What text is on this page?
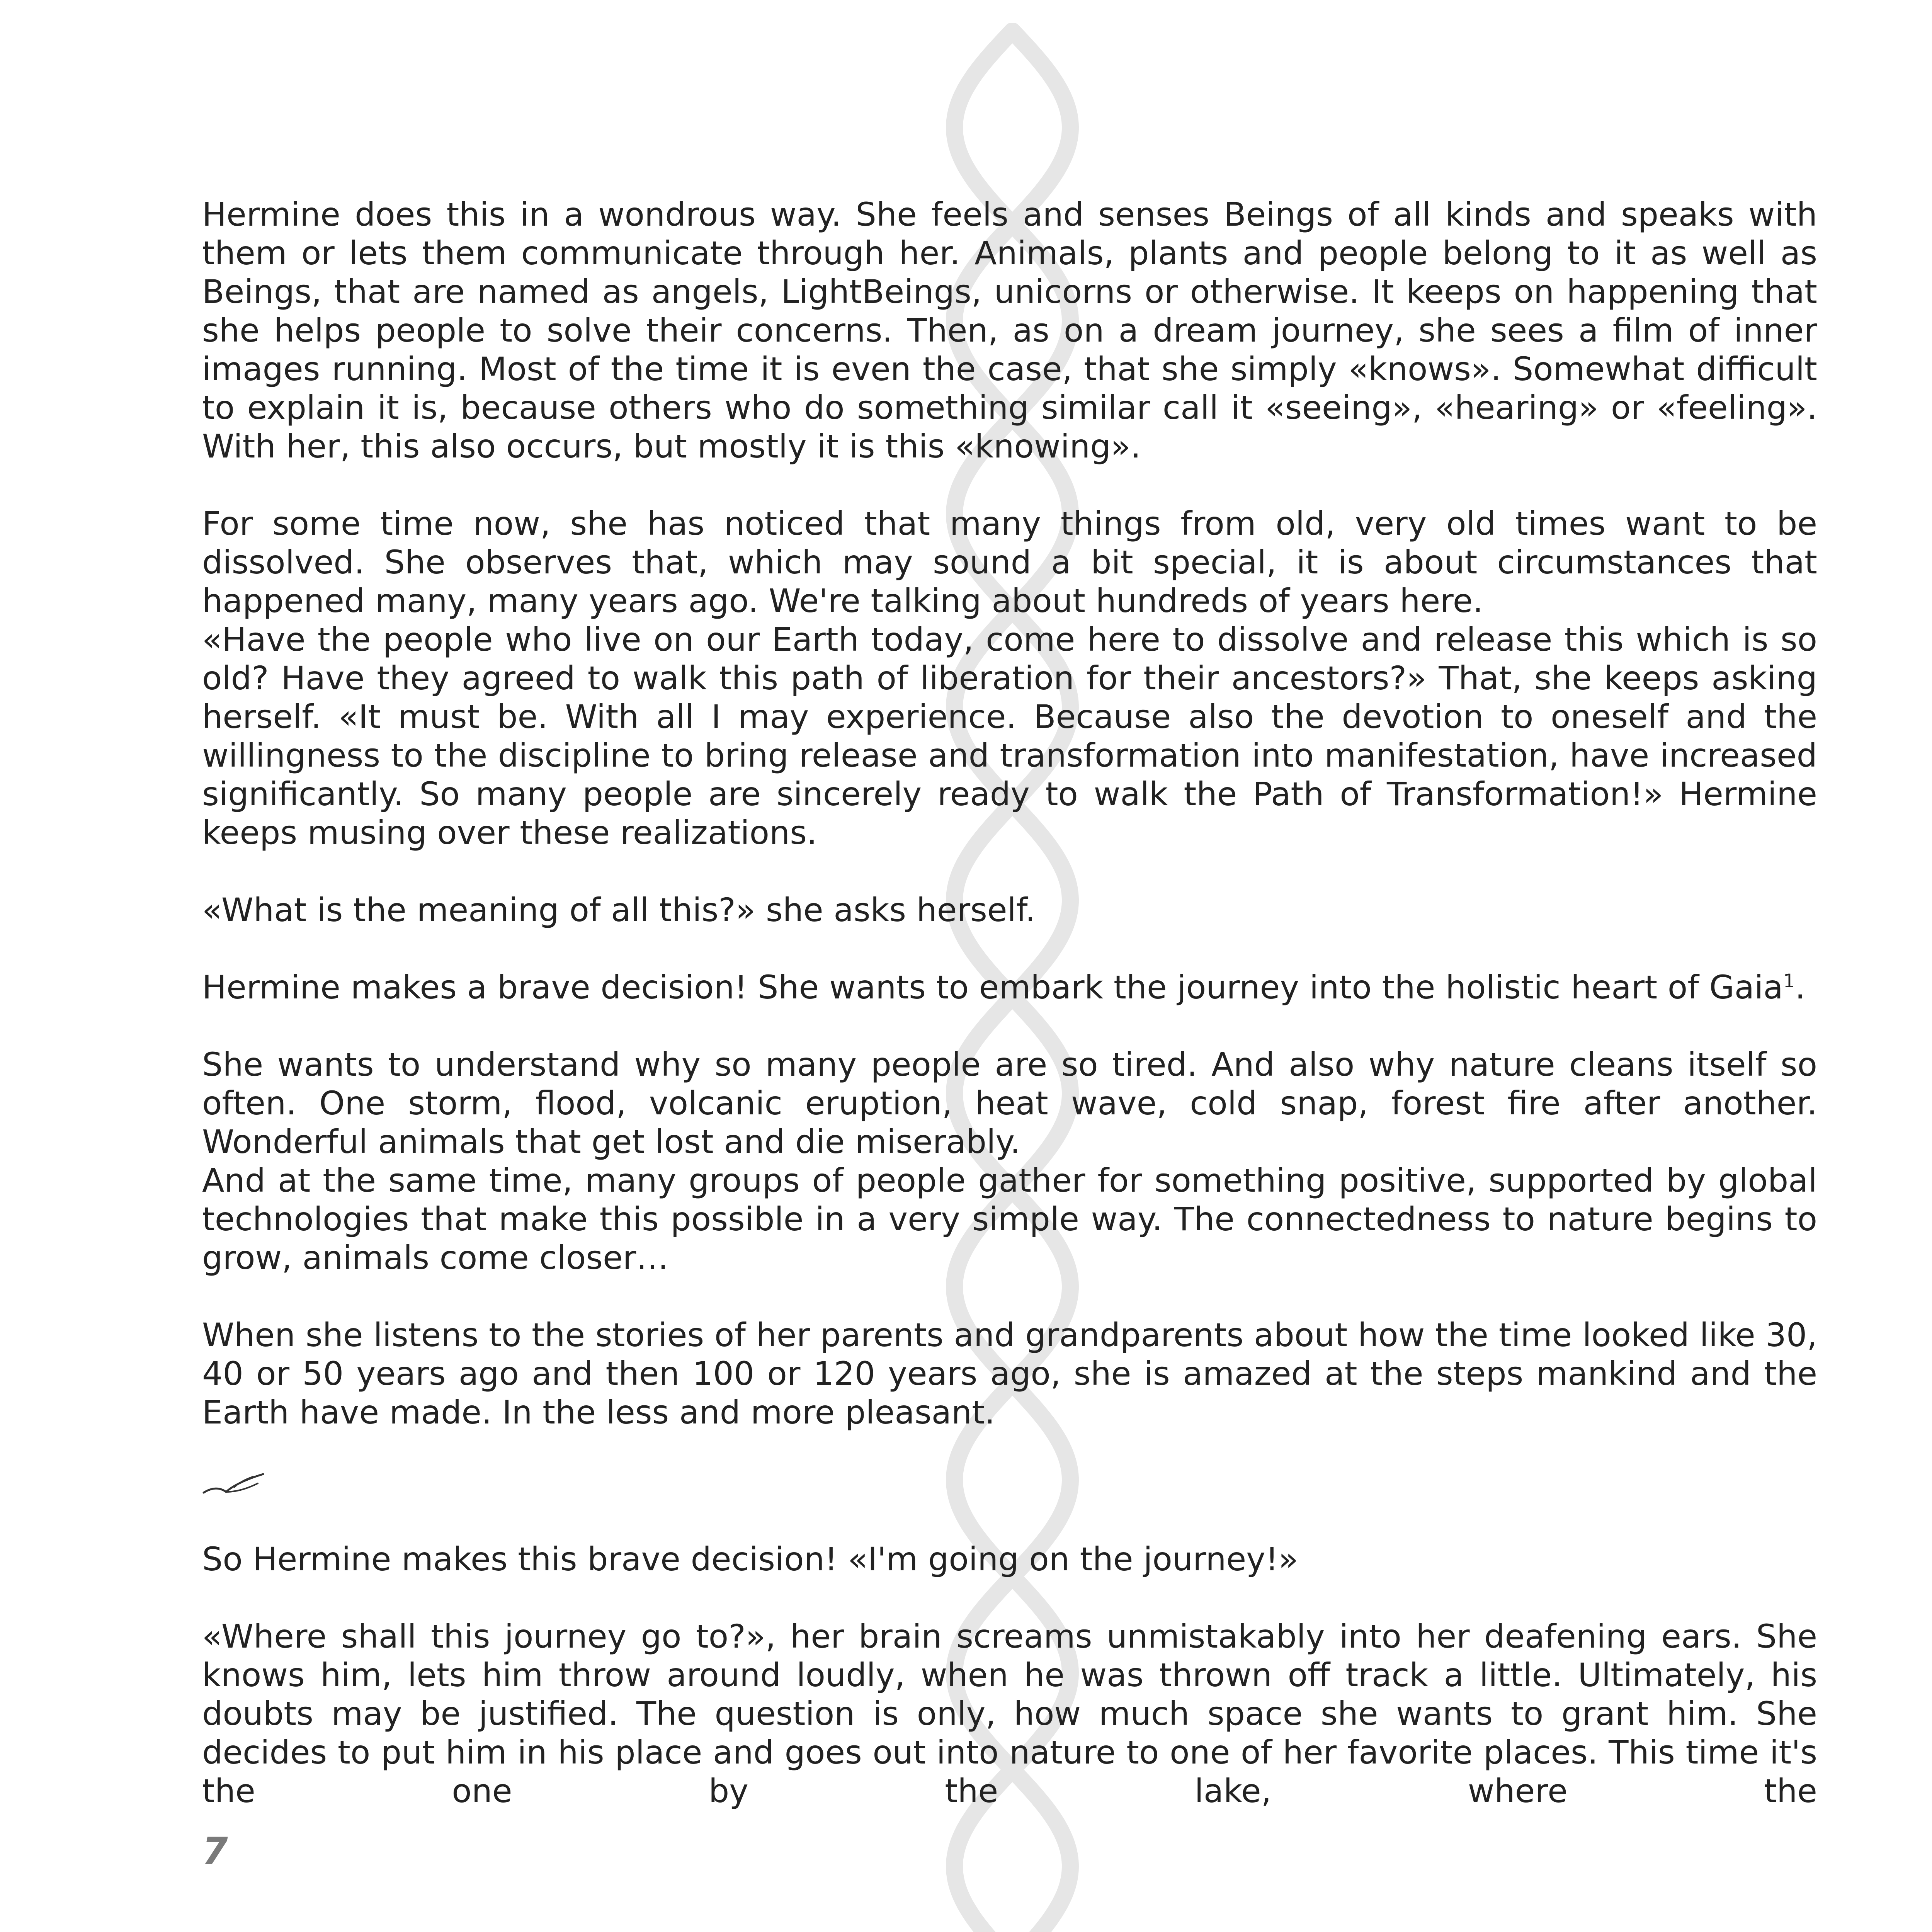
Hermine does this in a wondrous way. She feels and senses Beings of all kinds and speaks with them or lets them communicate through her. Animals, plants and people belong to it as well as Beings, that are named as angels, LightBeings, unicorns or otherwise. It keeps on happening that she helps people to solve their concerns. Then, as on a dream journey, she sees a film of inner images running. Most of the time it is even the case, that she simply «knows». Somewhat difficult to explain it is, because others who do something similar call it «seeing», «hearing» or «feeling». With her, this also occurs, but mostly it is this «knowing».

For some time now, she has noticed that many things from old, very old times want to be dissolved. She observes that, which may sound a bit special, it is about circumstances that happened many, many years ago. We're talking about hundreds of years here.

«Have the people who live on our Earth today, come here to dissolve and release this which is so old? Have they agreed to walk this path of liberation for their ancestors?» That, she keeps asking herself. «It must be. With all I may experience. Because also the devotion to oneself and the willingness to the discipline to bring release and transformation into manifestation, have increased significantly. So many people are sincerely ready to walk the Path of Transformation!» Hermine keeps musing over these realizations.

«What is the meaning of all this?» she asks herself.

Hermine makes a brave decision! She wants to embark the journey into the holistic heart of Gaia$^1$.

She wants to understand why so many people are so tired. And also why nature cleans itself so often. One storm, flood, volcanic eruption, heat wave, cold snap, forest fire after another. Wonderful animals that get lost and die miserably.

And at the same time, many groups of people gather for something positive, supported by global technologies that make this possible in a very simple way. The connectedness to nature begins to grow, animals come closer…

When she listens to the stories of her parents and grandparents about how the time looked like 30, 40 or 50 years ago and then 100 or 120 years ago, she is amazed at the steps mankind and the Earth have made. In the less and more pleasant.

So Hermine makes this brave decision! «I'm going on the journey!»

«Where shall this journey go to?», her brain screams unmistakably into her deafening ears. She knows him, lets him throw around loudly, when he was thrown off track a little. Ultimately, his doubts may be justified. The question is only, how much space she wants to grant him. She decides to put him in his place and goes out into nature to one of her favorite places. This time it's the one by the lake, where the

7
